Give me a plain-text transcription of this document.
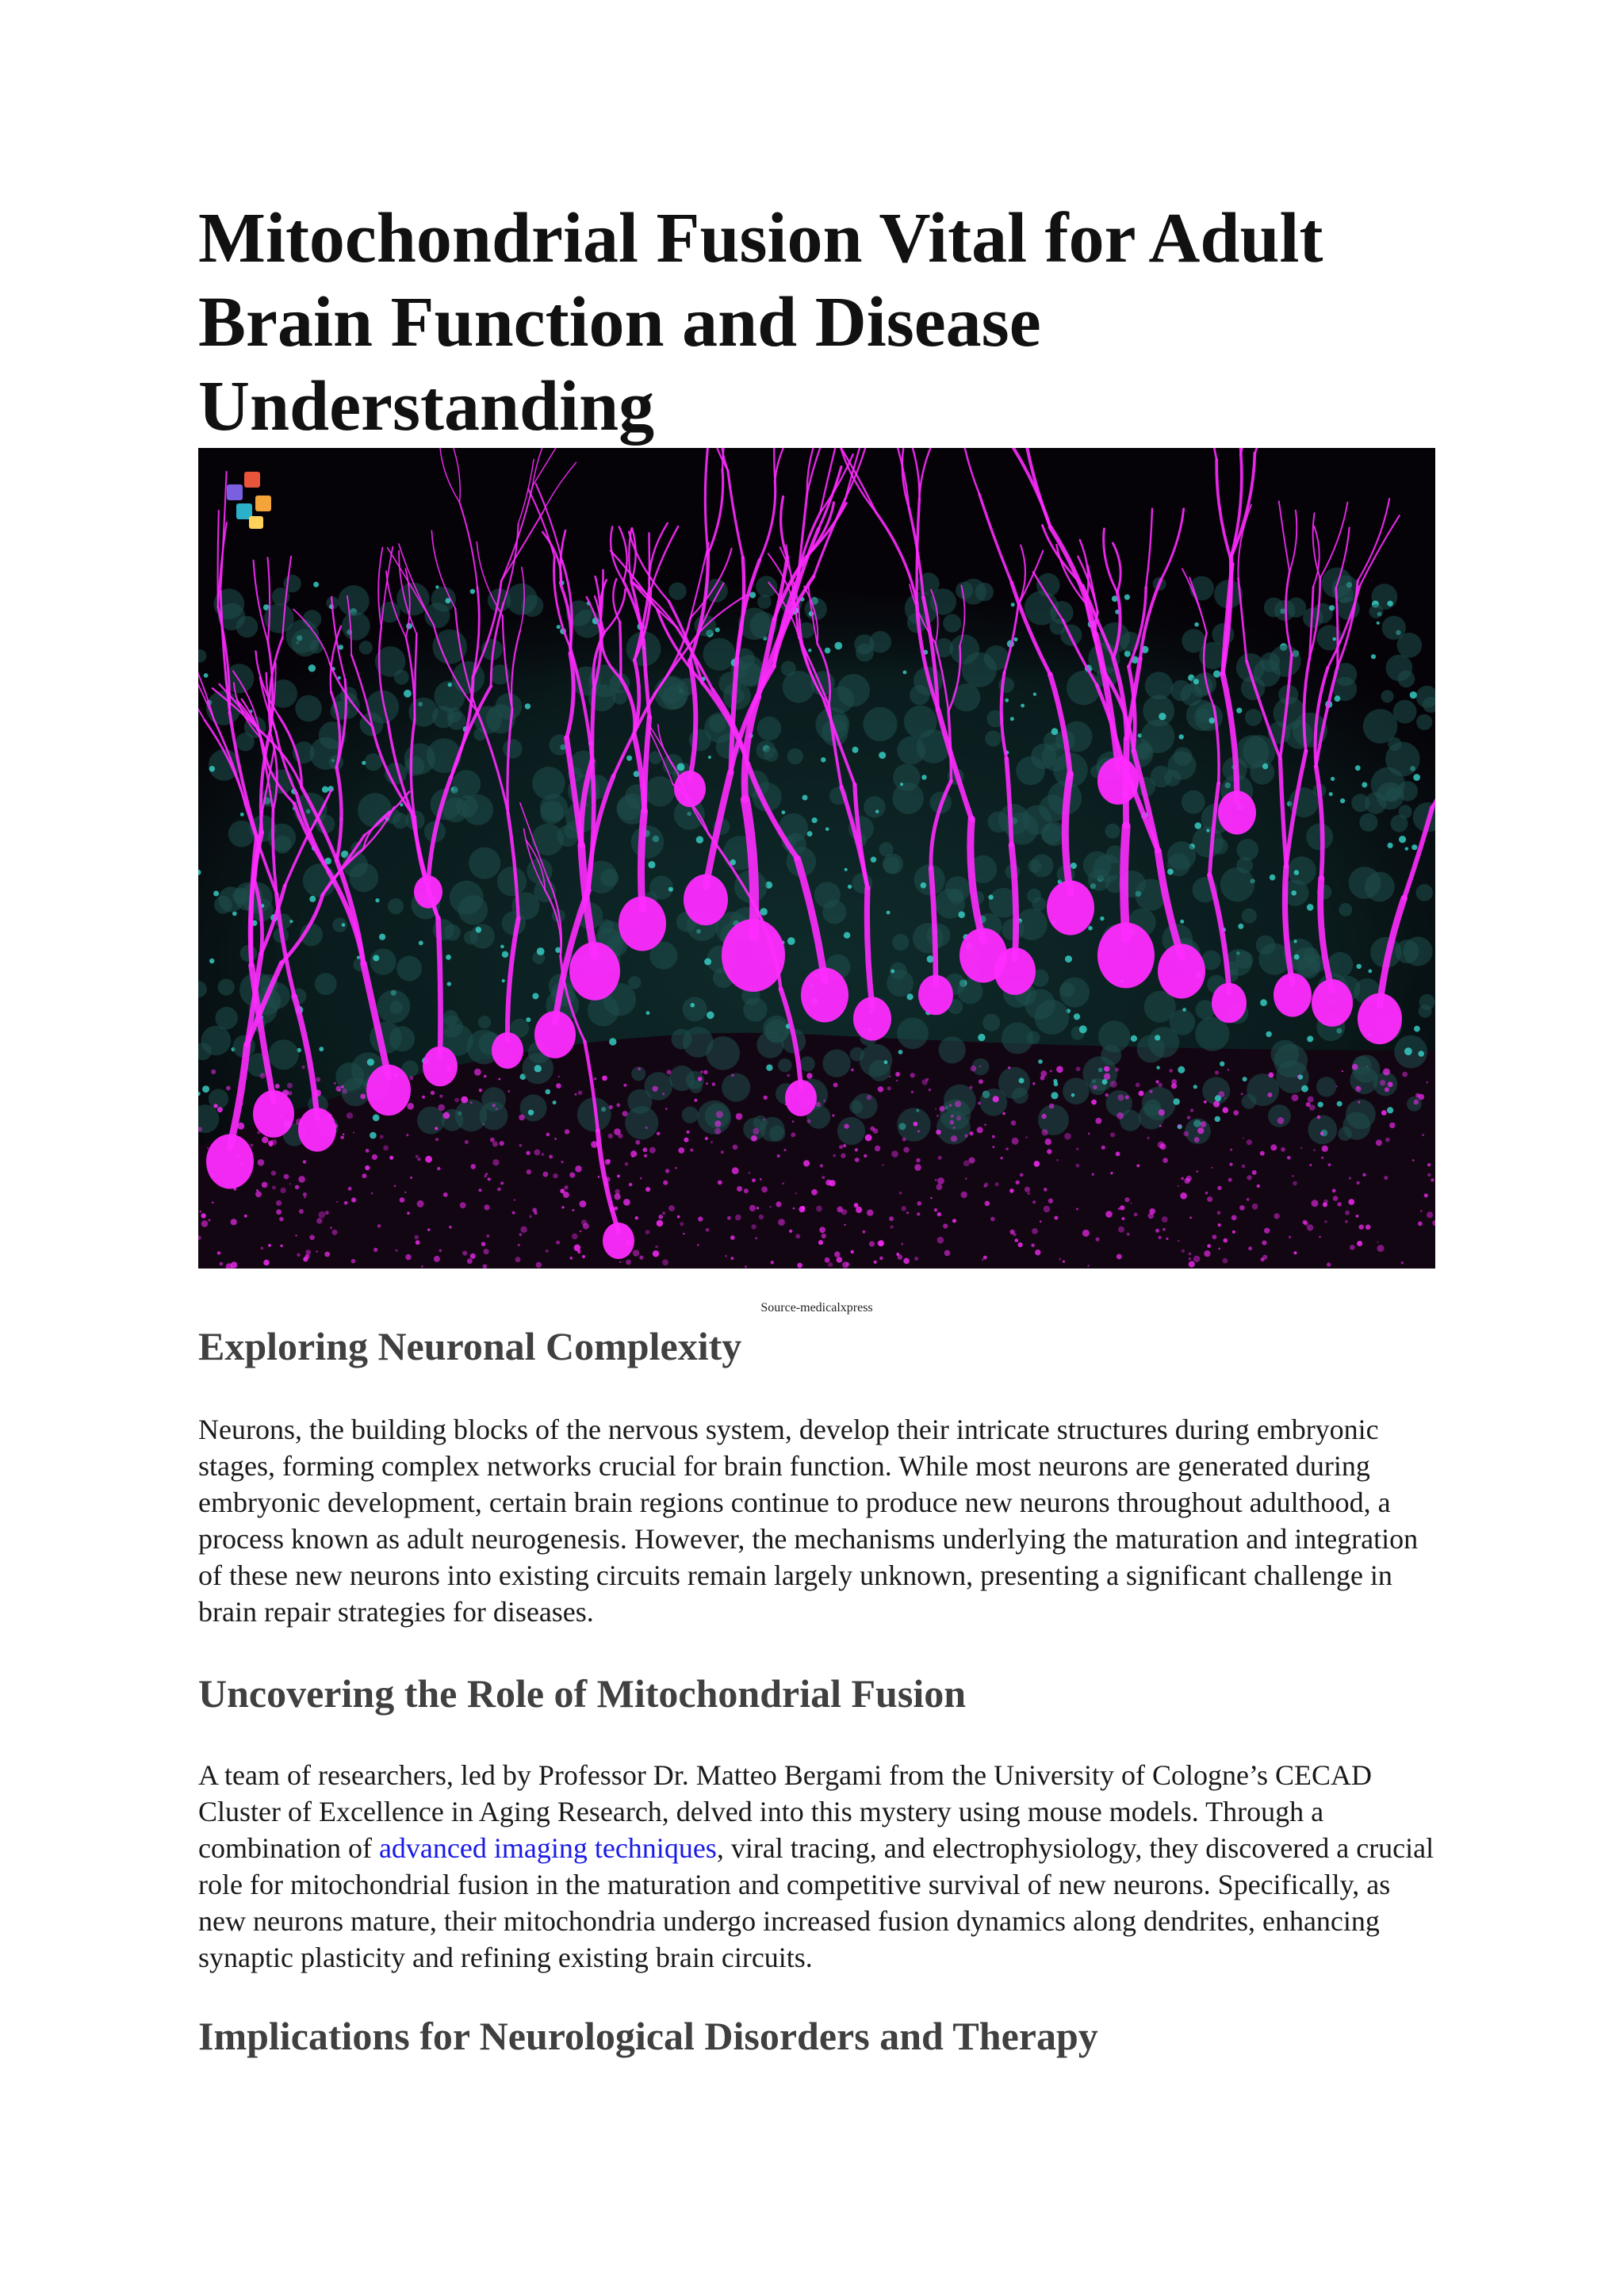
Mitochondrial Fusion Vital for Adult Brain Function and Disease Understanding
Source-medicalxpress
Exploring Neuronal Complexity

Neurons, the building blocks of the nervous system, develop their intricate structures during embryonic stages, forming complex networks crucial for brain function. While most neurons are generated during embryonic development, certain brain regions continue to produce new neurons throughout adulthood, a process known as adult neurogenesis. However, the mechanisms underlying the maturation and integration of these new neurons into existing circuits remain largely unknown, presenting a significant challenge in brain repair strategies for diseases.

Uncovering the Role of Mitochondrial Fusion

A team of researchers, led by Professor Dr. Matteo Bergami from the University of Cologne’s CECAD Cluster of Excellence in Aging Research, delved into this mystery using mouse models. Through a combination of advanced imaging techniques, viral tracing, and electrophysiology, they discovered a crucial role for mitochondrial fusion in the maturation and competitive survival of new neurons. Specifically, as new neurons mature, their mitochondria undergo increased fusion dynamics along dendrites, enhancing synaptic plasticity and refining existing brain circuits.

Implications for Neurological Disorders and Therapy
